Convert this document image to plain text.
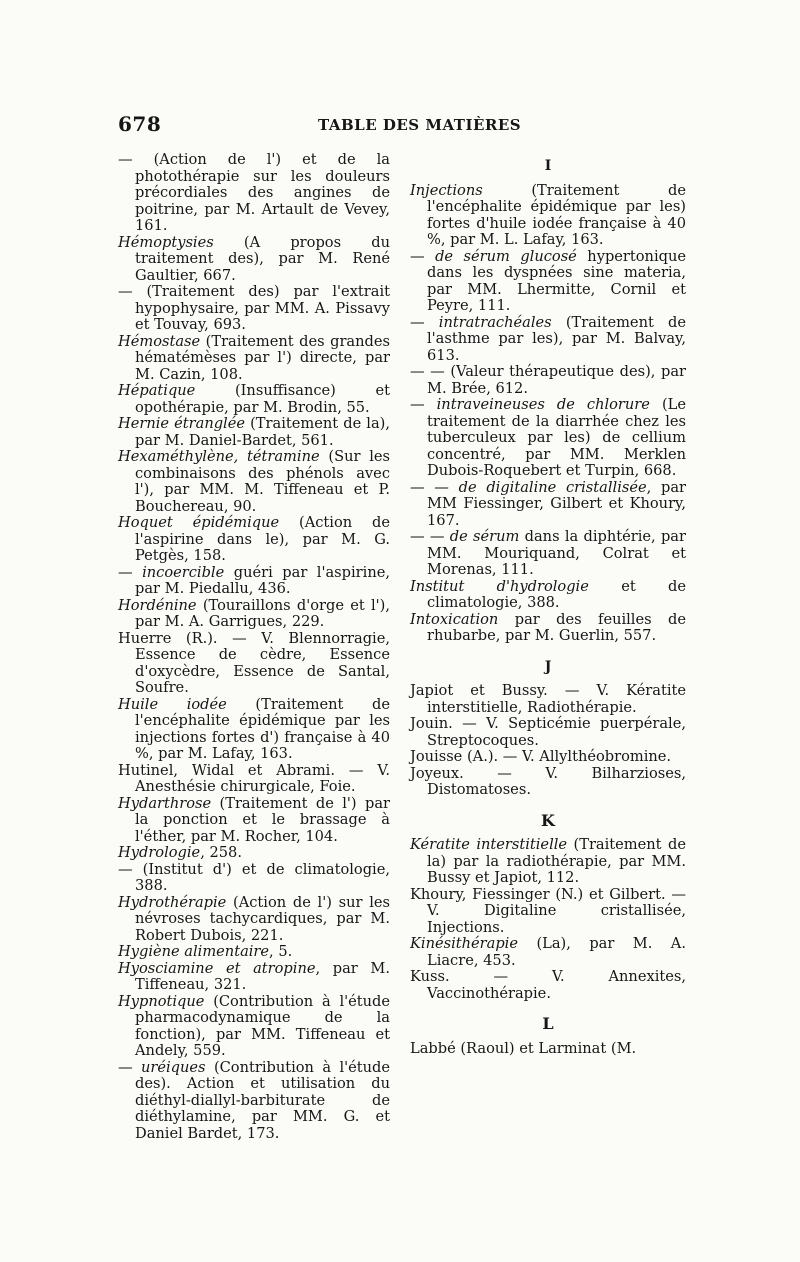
678	TABLE DES MATIÈRES

— (Action de l') et de la photothérapie sur les douleurs précordiales des angines de poitrine, par M. Artault de Vevey, 161.

Hémoptysies (A propos du traitement des), par M. René Gaultier, 667.

— (Traitement des) par l'extrait hypophysaire, par MM. A. Pissavy et Touvay, 693.

Hémostase (Traitement des grandes hématémèses par l') directe, par M. Cazin, 108.

Hépatique (Insuffisance) et opothérapie, par M. Brodin, 55.

Hernie étranglée (Traitement de la), par M. Daniel-Bardet, 561.

Hexaméthylène, tétramine (Sur les combinaisons des phénols avec l'), par MM. M. Tiffeneau et P. Bouchereau, 90.

Hoquet épidémique (Action de l'aspirine dans le), par M. G. Petgès, 158.

— incoercible guéri par l'aspirine, par M. Piedallu, 436.

Hordénine (Touraillons d'orge et l'), par M. A. Garrigues, 229.

Huerre (R.). — V. Blennorragie, Essence de cèdre, Essence d'oxycèdre, Essence de Santal, Soufre.

Huile iodée (Traitement de l'encéphalite épidémique par les injections fortes d') française à 40 %, par M. Lafay, 163.

Hutinel, Widal et Abrami. — V. Anesthésie chirurgicale, Foie.

Hydarthrose (Traitement de l') par la ponction et le brassage à l'éther, par M. Rocher, 104.

Hydrologie, 258.

— (Institut d') et de climatologie, 388.

Hydrothérapie (Action de l') sur les névroses tachycardiques, par M. Robert Dubois, 221.

Hygiène alimentaire, 5.

Hyosciamine et atropine, par M. Tiffeneau, 321.

Hypnotique (Contribution à l'étude pharmacodynamique de la fonction), par MM. Tiffeneau et Andely, 559.

— uréiques (Contribution à l'étude des). Action et utilisation du diéthyl-diallyl-barbiturate de diéthylamine, par MM. G. et Daniel Bardet, 173.

I

Injections (Traitement de l'encéphalite épidémique par les) fortes d'huile iodée française à 40 %, par M. L. Lafay, 163.

— de sérum glucosé hypertonique dans les dyspnées sine materia, par MM. Lhermitte, Cornil et Peyre, 111.

— intratrachéales (Traitement de l'asthme par les), par M. Balvay, 613.

— — (Valeur thérapeutique des), par M. Brée, 612.

— intraveineuses de chlorure (Le traitement de la diarrhée chez les tuberculeux par les) de cellium concentré, par MM. Merklen Dubois-Roquebert et Turpin, 668.

— — de digitaline cristallisée, par MM Fiessinger, Gilbert et Khoury, 167.

— — de sérum dans la diphtérie, par MM. Mouriquand, Colrat et Morenas, 111.

Institut d'hydrologie et de climatologie, 388.

Intoxication par des feuilles de rhubarbe, par M. Guerlin, 557.

J

Japiot et Bussy. — V. Kératite interstitielle, Radiothérapie.

Jouin. — V. Septicémie puerpérale, Streptocoques.

Jouisse (A.). — V. Allylthéobromine.

Joyeux. — V. Bilharzioses, Distomatoses.

K

Kératite interstitielle (Traitement de la) par la radiothérapie, par MM. Bussy et Japiot, 112.

Khoury, Fiessinger (N.) et Gilbert. — V. Digitaline cristallisée, Injections.

Kinésithérapie (La), par M. A. Liacre, 453.

Kuss. — V. Annexites, Vaccinothérapie.

L

Labbé (Raoul) et Larminat (M.
